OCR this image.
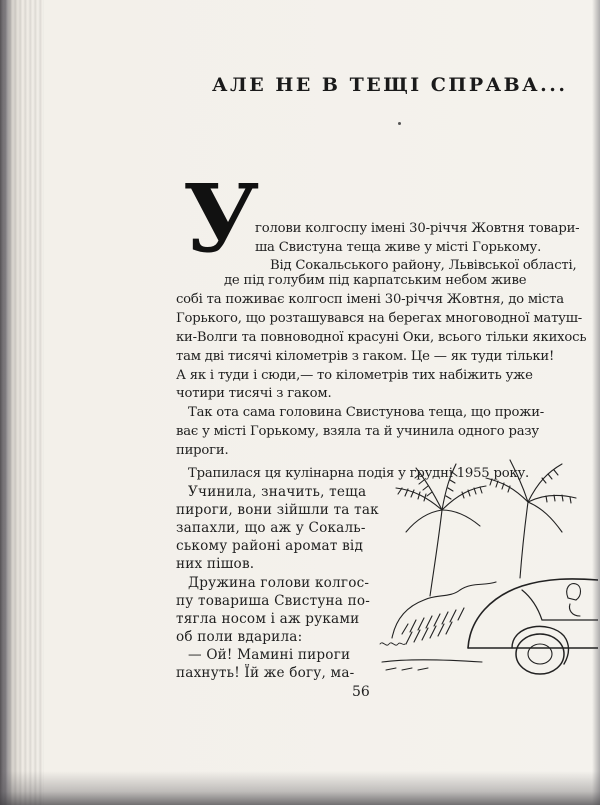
АЛЕ НЕ В ТЕЩІ СПРАВА...
У
голови колгоспу імені 30-річчя Жовтня товари-
ша Свистуна теща живе у місті Горькому.
Від Сокальського району, Львівської області,
де під голубим під карпатським небом живе
собі та поживає колгосп імені 30-річчя Жовтня, до міста
Горького, що розташувався на берегах многоводної матуш-
ки-Волги та повноводної красуні Оки, всього тільки якихось
там дві тисячі кілометрів з гаком. Це — як туди тільки!
А як і туди і сюди,— то кілометрів тих набіжить уже
чотири тисячі з гаком.
Так ота сама головина Свистунова теща, що прожи-
ває у місті Горькому, взяла та й учинила одного разу
пироги.
Трапилася ця кулінарна подія у грудні 1955 року.
Учинила, значить, теща
пироги, вони зійшли та так
запахли, що аж у Сокаль-
ському районі аромат від
них пішов.
Дружина голови колгос-
пу товариша Свистуна по-
тягла носом і аж руками
об поли вдарила:
— Ой! Мамині пироги
пахнуть! Їй же богу, ма-
56
